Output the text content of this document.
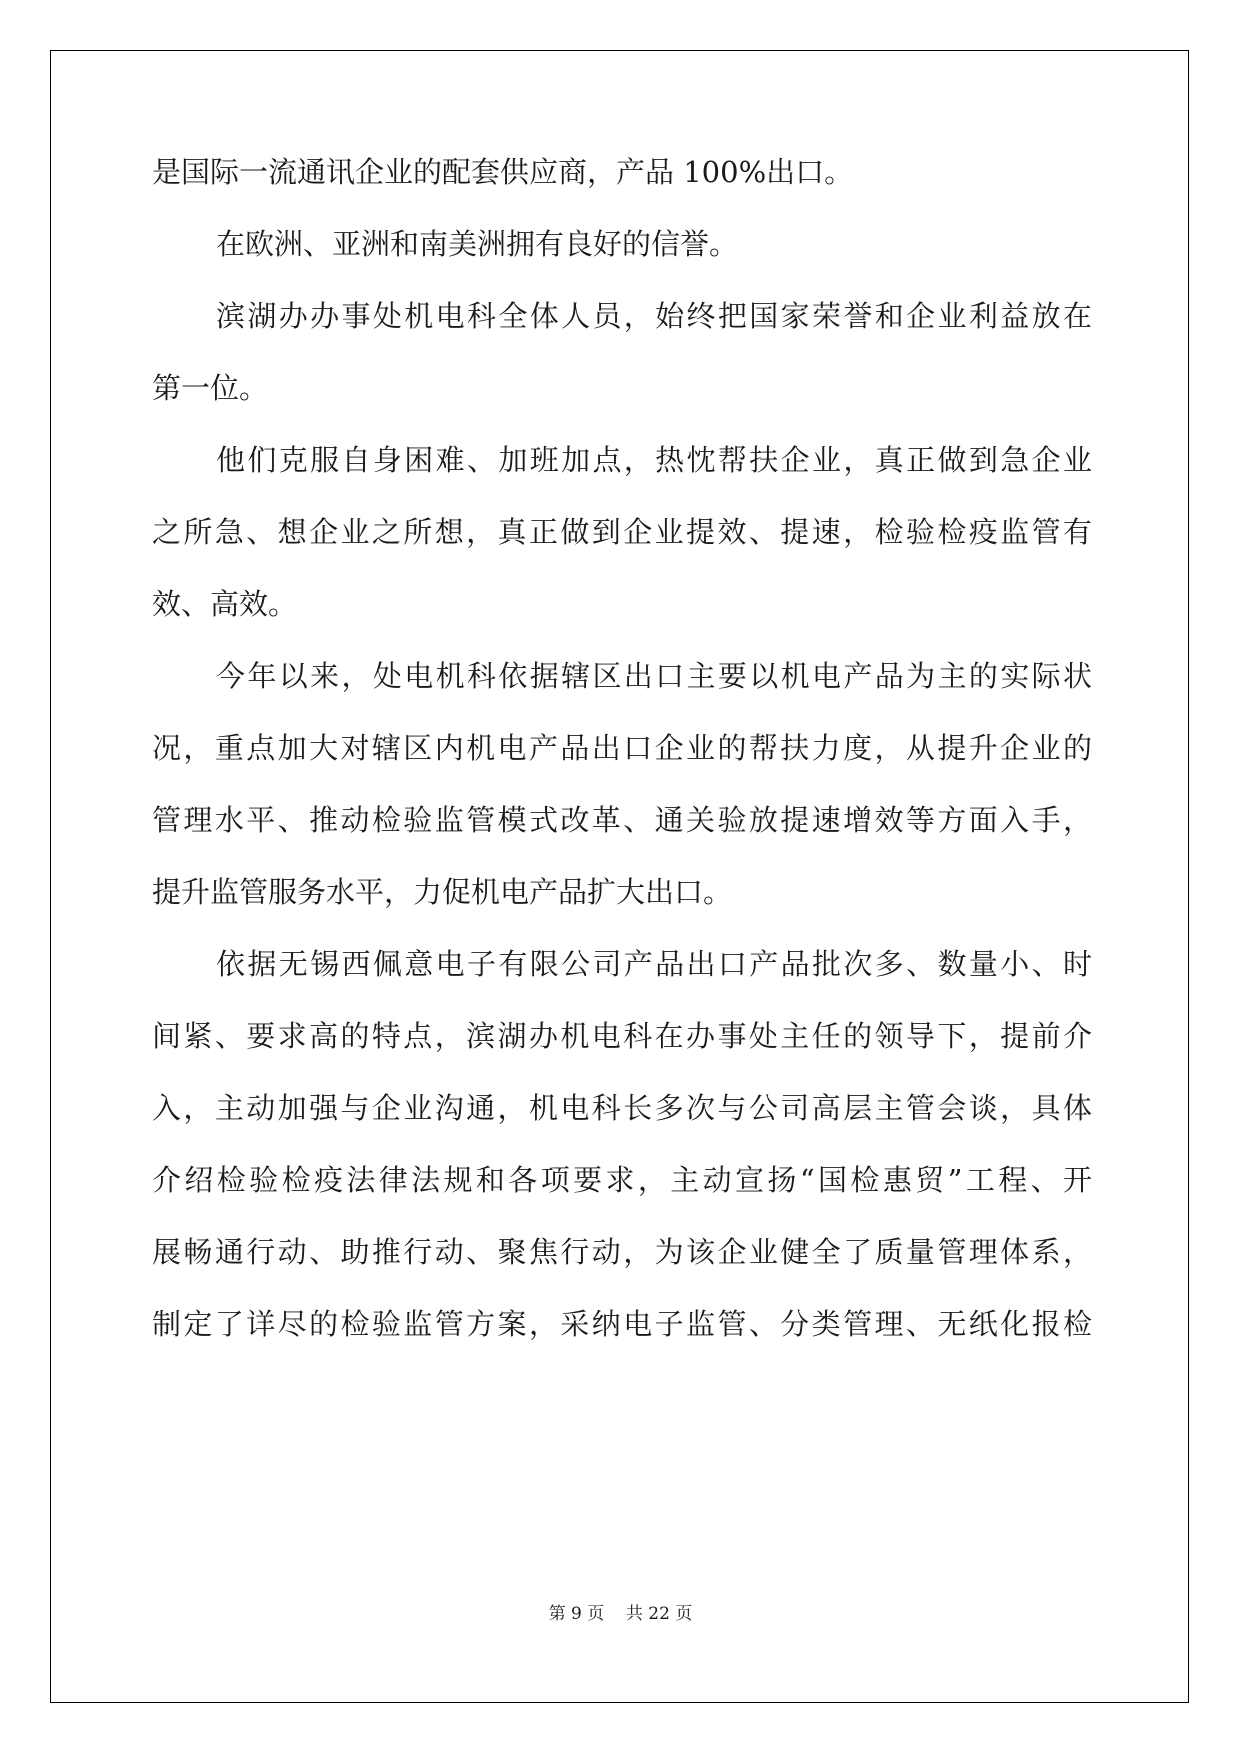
是国际一流通讯企业的配套供应商，产品 100%出口。
在欧洲、亚洲和南美洲拥有良好的信誉。
滨湖办办事处机电科全体人员，始终把国家荣誉和企业利益放在
第一位。
他们克服自身困难、加班加点，热忱帮扶企业，真正做到急企业
之所急、想企业之所想，真正做到企业提效、提速，检验检疫监管有
效、高效。
今年以来，处电机科依据辖区出口主要以机电产品为主的实际状
况，重点加大对辖区内机电产品出口企业的帮扶力度，从提升企业的
管理水平、推动检验监管模式改革、通关验放提速增效等方面入手，
提升监管服务水平，力促机电产品扩大出口。
依据无锡西佩意电子有限公司产品出口产品批次多、数量小、时
间紧、要求高的特点，滨湖办机电科在办事处主任的领导下，提前介
入，主动加强与企业沟通，机电科长多次与公司高层主管会谈，具体
介绍检验检疫法律法规和各项要求，主动宣扬“国检惠贸”工程、开
展畅通行动、助推行动、聚焦行动，为该企业健全了质量管理体系，
制定了详尽的检验监管方案，采纳电子监管、分类管理、无纸化报检
第 9 页    共 22 页
